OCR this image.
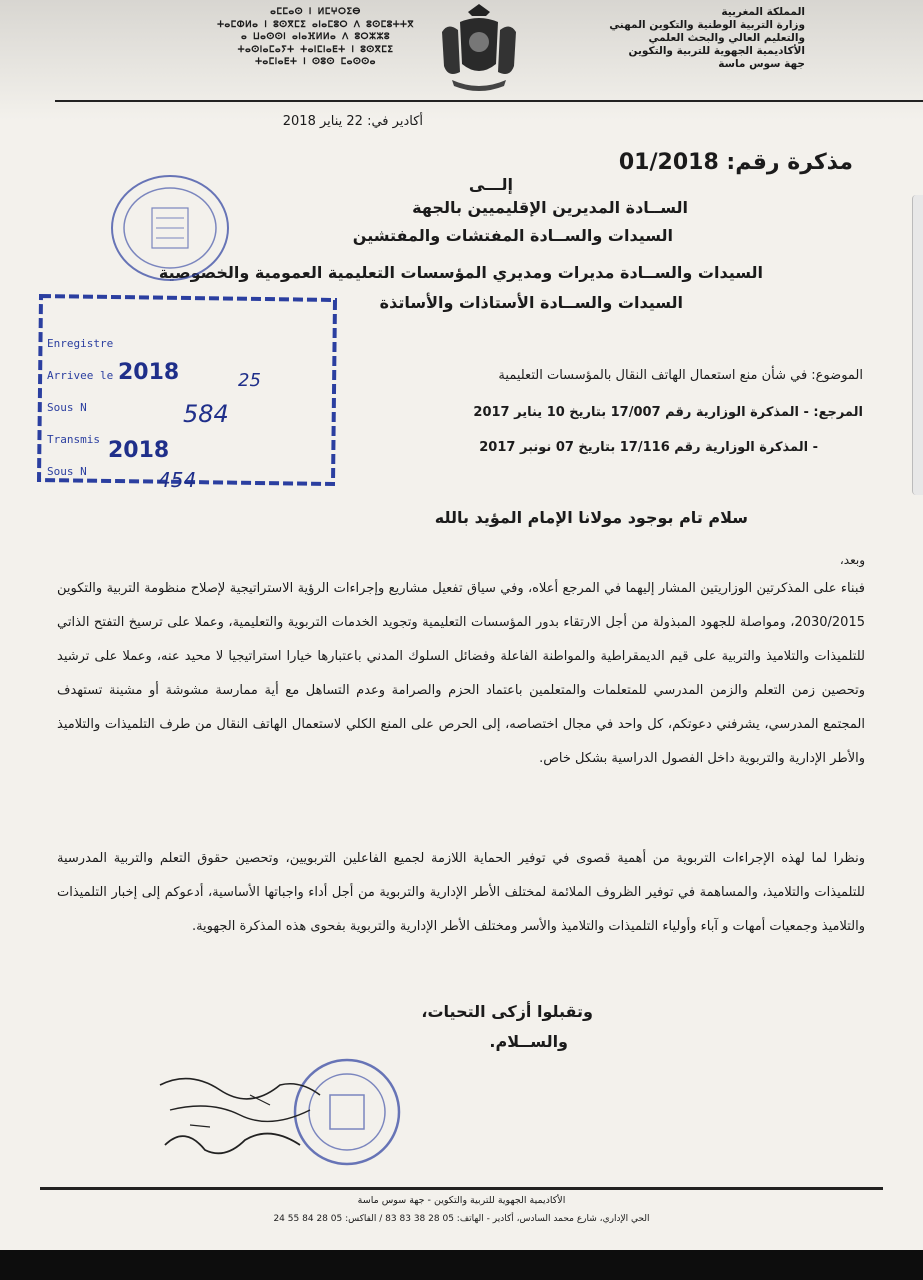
المملكة المغربية
وزارة التربية الوطنية والتكوين المهني
والتعليم العالي والبحث العلمي
الأكاديمية الجهوية للتربية والتكوين
جهة سوس ماسة
ⴰⵎⵎⴰⵙ ⵏ ⵍⵎⵖⵔⵉⴱ
ⵜⴰⵎⵀⵍⴰ ⵏ ⵓⵙⴳⵎⵉ ⴰⵏⴰⵎⵓⵔ ⴷ ⵓⵙⵎⵓⵜⵜⴳ
ⴰ ⵡⴰⵙⵙⵏ ⴰⵏⴰⴼⵍⵍⴰ ⴷ ⵓⵔⵣⵣⵓ
ⵜⴰⵙⵏⴰⵎⴰⵢⵜ ⵜⴰⵏⵎⵏⴰⴹⵜ ⵏ ⵓⵙⴳⵎⵉ
ⵜⴰⵎⵏⴰⴹⵜ ⵏ ⵙⵓⵙ ⵎⴰⵙⵙⴰ
أكادير في: 22 يناير 2018
مذكرة رقم: 01/2018
إلـــى
الســادة المديرين الإقليميين بالجهة
السيدات والســادة المفتشات والمفتشين
السيدات والســادة مديرات ومديري المؤسسات التعليمية العمومية والخصوصية
السيدات والســادة الأستاذات والأساتذة
Enregistre
Arrivee le
Sous N
Transmis
Sous N
2018	25
584
2018
454
الموضوع: في شأن منع استعمال الهاتف النقال بالمؤسسات التعليمية
المرجع: - المذكرة الوزارية رقم 17/007 بتاريخ 10 يناير 2017
- المذكرة الوزارية رقم 17/116 بتاريخ 07 نونبر 2017
سلام تام بوجود مولانا الإمام المؤيد بالله
وبعد،
فبناء على المذكرتين الوزاريتين المشار إليهما في المرجع أعلاه، وفي سياق تفعيل مشاريع وإجراءات الرؤية الاستراتيجية لإصلاح منظومة التربية والتكوين 2030/2015، ومواصلة للجهود المبذولة من أجل الارتقاء بدور المؤسسات التعليمية وتجويد الخدمات التربوية والتعليمية، وعملا على ترسيخ التفتح الذاتي للتلميذات والتلاميذ والتربية على قيم الديمقراطية والمواطنة الفاعلة وفضائل السلوك المدني باعتبارها خيارا استراتيجيا لا محيد عنه، وعملا على ترشيد وتحصين زمن التعلم والزمن المدرسي للمتعلمات والمتعلمين باعتماد الحزم والصرامة وعدم التساهل مع أية ممارسة مشوشة أو مشينة تستهدف المجتمع المدرسي، يشرفني دعوتكم، كل واحد في مجال اختصاصه، إلى الحرص على المنع الكلي لاستعمال الهاتف النقال من طرف التلميذات والتلاميذ والأطر الإدارية والتربوية داخل الفصول الدراسية بشكل خاص.
ونظرا لما لهذه الإجراءات التربوية من أهمية قصوى في توفير الحماية اللازمة لجميع الفاعلين التربويين، وتحصين حقوق التعلم والتربية المدرسية للتلميذات والتلاميذ، والمساهمة في توفير الظروف الملائمة لمختلف الأطر الإدارية والتربوية من أجل أداء واجباتها الأساسية، أدعوكم إلى إخبار التلميذات والتلاميذ وجمعيات أمهات و آباء وأولياء التلميذات والتلاميذ والأسر ومختلف الأطر الإدارية والتربوية بفحوى هذه المذكرة الجهوية.
وتقبلوا أزكى التحيات،
والســلام.
الأكاديمية الجهوية للتربية والتكوين - جهة سوس ماسة
الحي الإداري، شارع محمد السادس، أكادير - الهاتف: 05 28 38 83 83 / الفاكس: 05 28 84 55 24
